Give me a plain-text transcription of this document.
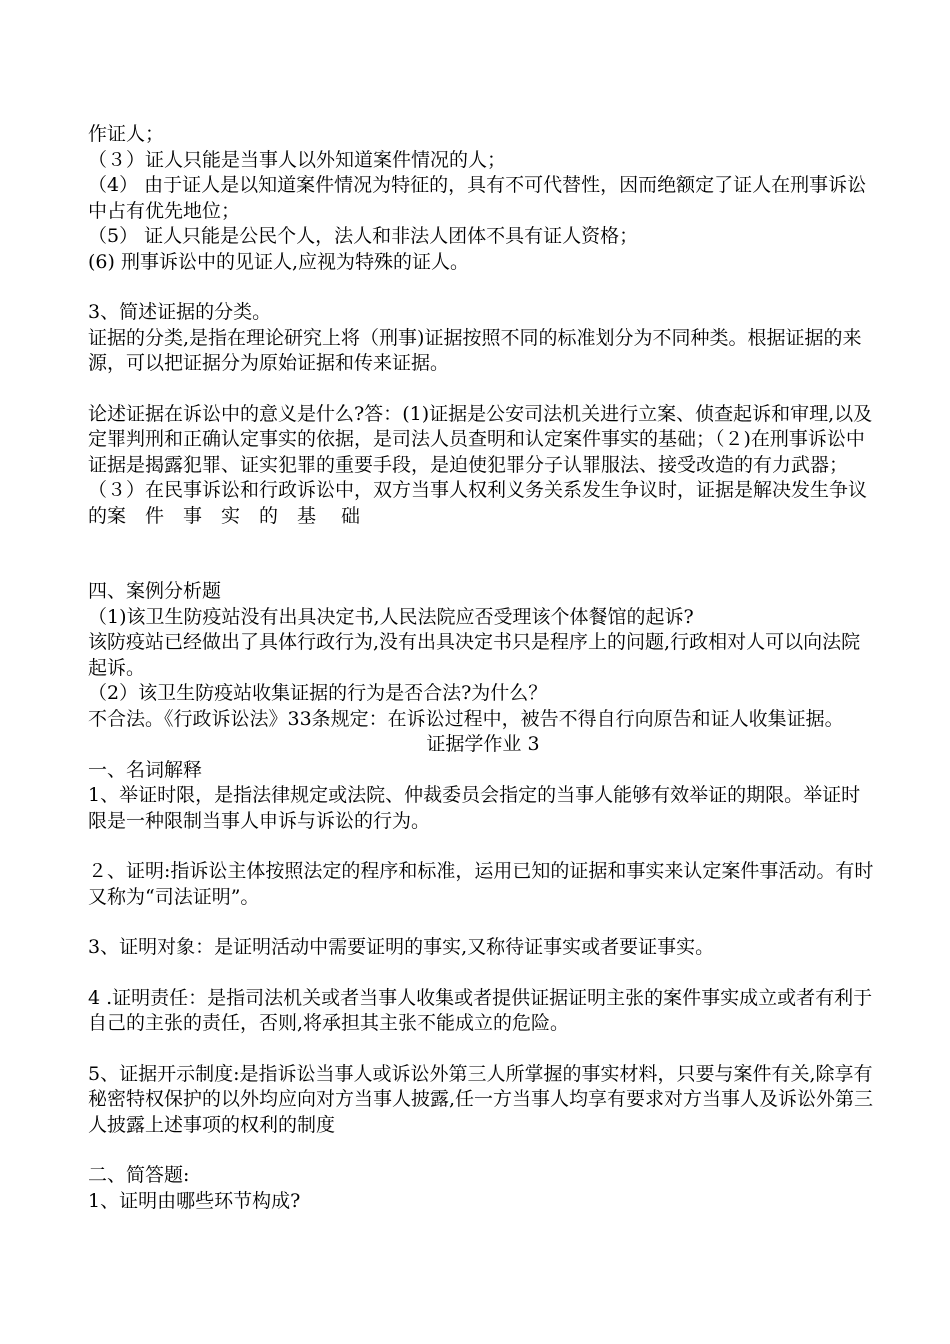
作证人；

（３）证人只能是当事人以外知道案件情况的人；

（4） 由于证人是以知道案件情况为特征的，具有不可代替性，因而绝额定了证人在刑事诉讼中占有优先地位；

（5） 证人只能是公民个人，法人和非法人团体不具有证人资格；

(6) 刑事诉讼中的见证人,应视为特殊的证人。

3、简述证据的分类。

证据的分类,是指在理论研究上将（刑事)证据按照不同的标准划分为不同种类。根据证据的来源，可以把证据分为原始证据和传来证据。

论述证据在诉讼中的意义是什么?答：(1)证据是公安司法机关进行立案、侦查起诉和审理,以及定罪判刑和正确认定事实的依据，是司法人员查明和认定案件事实的基础；（２)在刑事诉讼中证据是揭露犯罪、证实犯罪的重要手段，是迫使犯罪分子认罪服法、接受改造的有力武器；（３）在民事诉讼和行政诉讼中，双方当事人权利义务关系发生争议时，证据是解决发生争议的案　件　事　实　的　基　 础

四、案例分析题

（1)该卫生防疫站没有出具决定书,人民法院应否受理该个体餐馆的起诉?

该防疫站已经做出了具体行政行为,没有出具决定书只是程序上的问题,行政相对人可以向法院起诉。

（2）该卫生防疫站收集证据的行为是否合法?为什么？

不合法。《行政诉讼法》33条规定：在诉讼过程中，被告不得自行向原告和证人收集证据。

证据学作业 3

一、名词解释

1、举证时限，是指法律规定或法院、仲裁委员会指定的当事人能够有效举证的期限。举证时限是一种限制当事人申诉与诉讼的行为。

２、证明:指诉讼主体按照法定的程序和标准，运用已知的证据和事实来认定案件事活动。有时又称为“司法证明”。

3、证明对象：是证明活动中需要证明的事实,又称待证事实或者要证事实。

4 .证明责任：是指司法机关或者当事人收集或者提供证据证明主张的案件事实成立或者有利于自己的主张的责任，否则,将承担其主张不能成立的危险。

5、证据开示制度:是指诉讼当事人或诉讼外第三人所掌握的事实材料，只要与案件有关,除享有秘密特权保护的以外均应向对方当事人披露,任一方当事人均享有要求对方当事人及诉讼外第三人披露上述事项的权利的制度

二、简答题:

1、证明由哪些环节构成?
